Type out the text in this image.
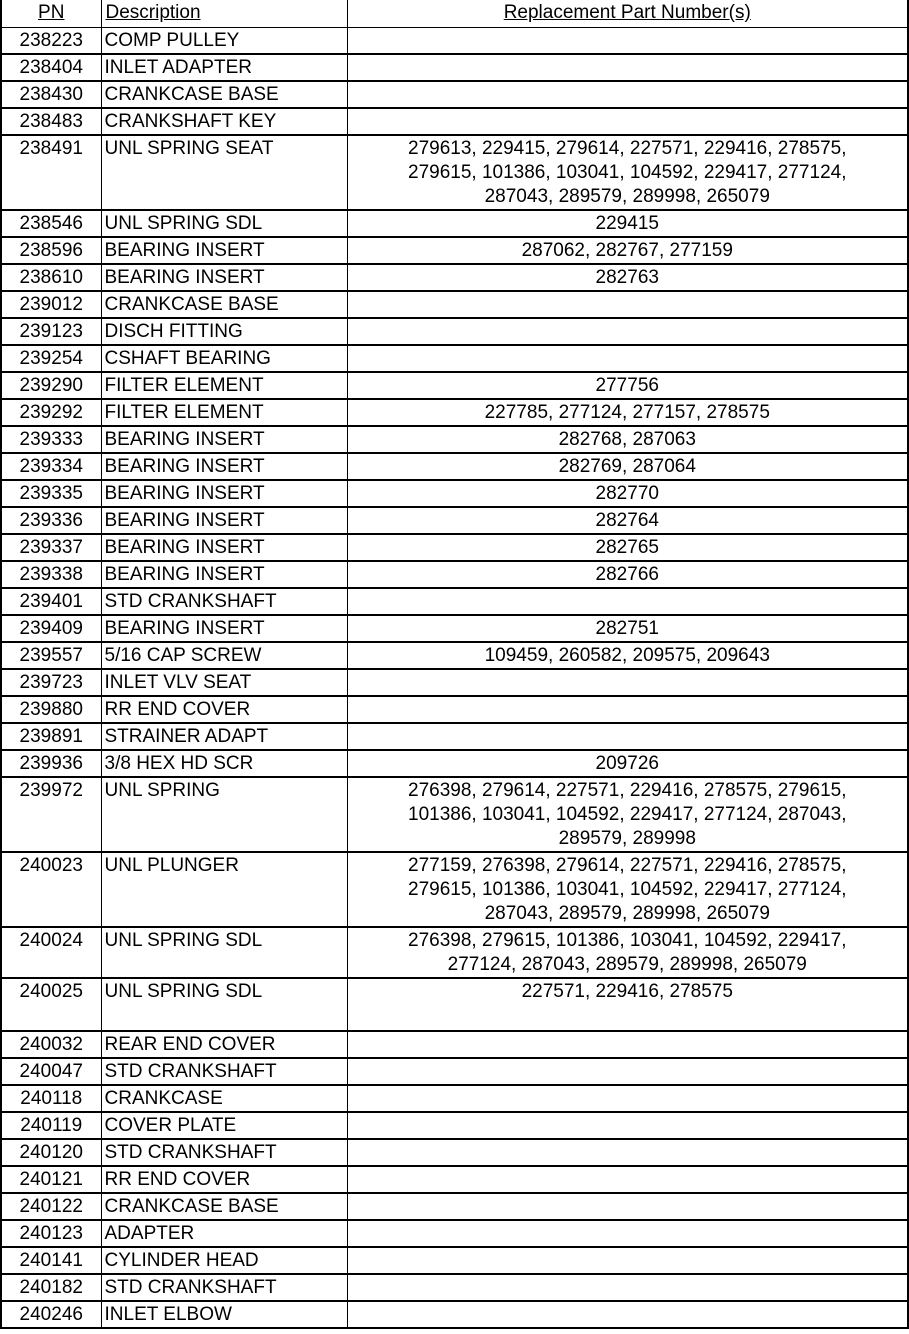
PN	Description	Replacement Part Number(s)
238223	COMP PULLEY	
238404	INLET ADAPTER	
238430	CRANKCASE BASE	
238483	CRANKSHAFT KEY	
238491	UNL SPRING SEAT	279613, 229415, 279614, 227571, 229416, 278575, 279615, 101386, 103041, 104592, 229417, 277124, 287043, 289579, 289998, 265079
238546	UNL SPRING SDL	229415
238596	BEARING INSERT	287062, 282767, 277159
238610	BEARING INSERT	282763
239012	CRANKCASE BASE	
239123	DISCH FITTING	
239254	CSHAFT BEARING	
239290	FILTER ELEMENT	277756
239292	FILTER ELEMENT	227785, 277124, 277157, 278575
239333	BEARING INSERT	282768, 287063
239334	BEARING INSERT	282769, 287064
239335	BEARING INSERT	282770
239336	BEARING INSERT	282764
239337	BEARING INSERT	282765
239338	BEARING INSERT	282766
239401	STD CRANKSHAFT	
239409	BEARING INSERT	282751
239557	5/16 CAP SCREW	109459, 260582, 209575, 209643
239723	INLET VLV SEAT	
239880	RR END COVER	
239891	STRAINER ADAPT	
239936	3/8 HEX HD SCR	209726
239972	UNL SPRING	276398, 279614, 227571, 229416, 278575, 279615, 101386, 103041, 104592, 229417, 277124, 287043, 289579, 289998
240023	UNL PLUNGER	277159, 276398, 279614, 227571, 229416, 278575, 279615, 101386, 103041, 104592, 229417, 277124, 287043, 289579, 289998, 265079
240024	UNL SPRING SDL	276398, 279615, 101386, 103041, 104592, 229417, 277124, 287043, 289579, 289998, 265079
240025	UNL SPRING SDL	227571, 229416, 278575
240032	REAR END COVER	
240047	STD CRANKSHAFT	
240118	CRANKCASE	
240119	COVER PLATE	
240120	STD CRANKSHAFT	
240121	RR END COVER	
240122	CRANKCASE BASE	
240123	ADAPTER	
240141	CYLINDER HEAD	
240182	STD CRANKSHAFT	
240246	INLET ELBOW	
